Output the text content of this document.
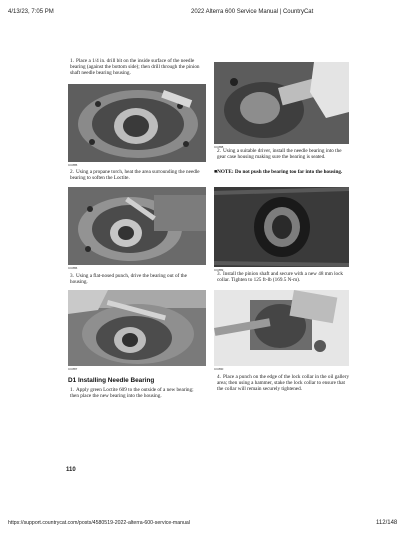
4/13/23, 7:05 PM	2022 Alterra 600 Service Manual | CountryCat
1. Place a 1/4 in. drill bit on the inside surface of the needle bearing (against the bottom side); then drill through the pinion shaft needle bearing housing.
CC885
2. Using a propane torch, heat the area surrounding the needle bearing to soften the Loctite.
CC886
3. Using a flat-nosed punch, drive the bearing out of the housing.
CC887
D1 Installing Needle Bearing
1. Apply green Loctite 609 to the outside of a new bearing; then place the new bearing into the housing.
CC888
2. Using a suitable driver, install the needle bearing into the gear case housing making sure the bearing is seated.
■NOTE: Do not push the bearing too far into the housing.
CC889
3. Install the pinion shaft and secure with a new 48 mm lock collar. Tighten to 125 ft-lb (169.5 N-m).
CC890
4. Place a punch on the edge of the lock collar in the oil gallery area; then using a hammer, stake the lock collar to ensure that the collar will remain securely tightened.
110
https://support.countrycat.com/posts/4580519-2022-alterra-600-service-manual	112/148
